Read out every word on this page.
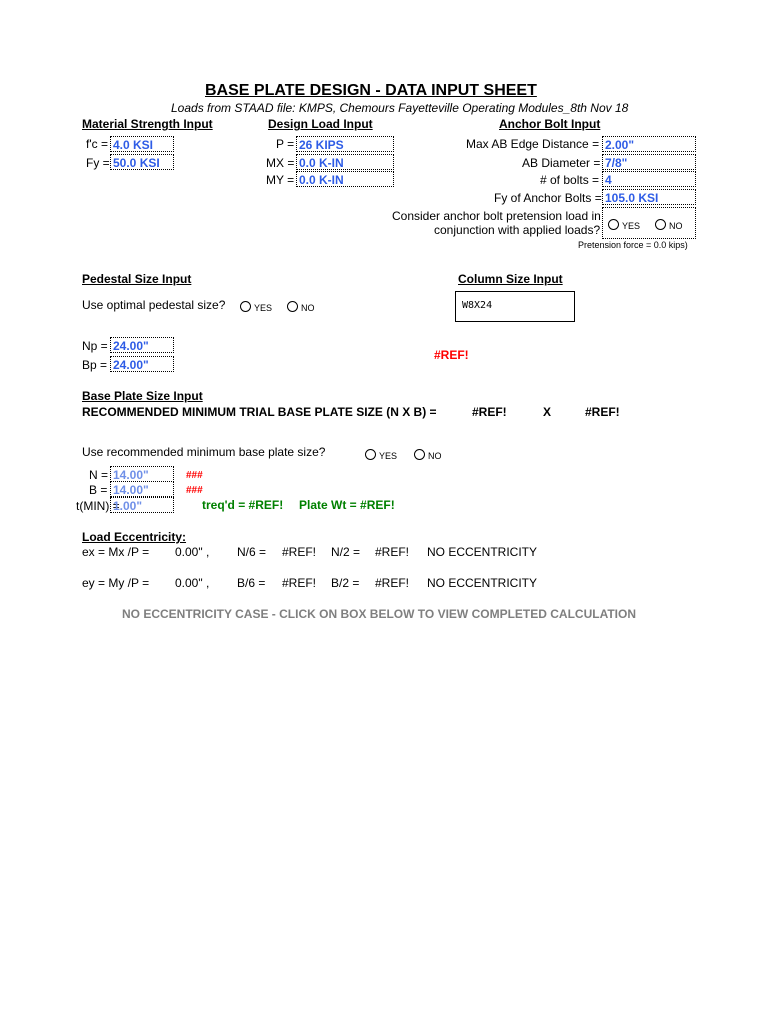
BASE PLATE DESIGN - DATA INPUT SHEET
Loads from STAAD file: KMPS, Chemours Fayetteville Operating Modules_8th Nov 18
Material Strength Input
f'c = 4.0 KSI
Fy = 50.0 KSI
Design Load Input
P = 26 KIPS
MX = 0.0 K-IN
MY = 0.0 K-IN
Anchor Bolt Input
Max AB Edge Distance = 2.00"
AB Diameter = 7/8"
# of bolts = 4
Fy of Anchor Bolts = 105.0 KSI
Consider anchor bolt pretension load in
conjunction with applied loads?	YES	NO
Pretension force = 0.0 kips)
Pedestal Size Input
Use optimal pedestal size?	YES	NO
Np = 24.00"
Bp = 24.00"
Column Size Input
W8X24
#REF!
Base Plate Size Input
RECOMMENDED MINIMUM TRIAL BASE PLATE SIZE (N X B) =	#REF!	X	#REF!
Use recommended minimum base plate size?	YES	NO
N = 14.00"	###
B = 14.00"	###
t(MIN) =
1.00"	treq'd = #REF! Plate Wt = #REF!
Load Eccentricity:
ex = Mx /P = 0.00" , N/6 = #REF! N/2 = #REF! NO ECCENTRICITY
ey = My /P = 0.00" , B/6 = #REF! B/2 = #REF! NO ECCENTRICITY
NO ECCENTRICITY CASE - CLICK ON BOX BELOW TO VIEW COMPLETED CALCULATION
